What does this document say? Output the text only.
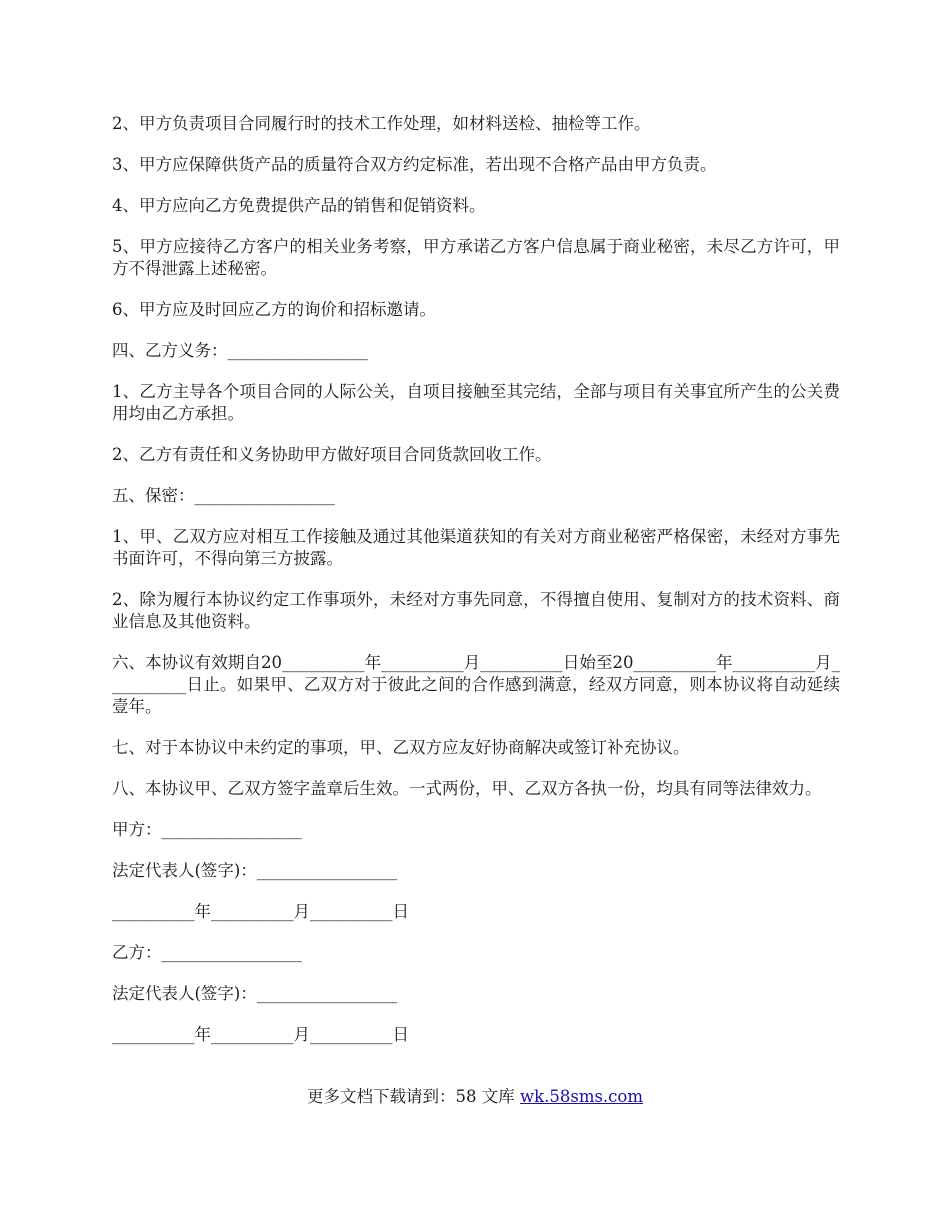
2、甲方负责项目合同履行时的技术工作处理，如材料送检、抽检等工作。

3、甲方应保障供货产品的质量符合双方约定标准，若出现不合格产品由甲方负责。

4、甲方应向乙方免费提供产品的销售和促销资料。

5、甲方应接待乙方客户的相关业务考察，甲方承诺乙方客户信息属于商业秘密，未尽乙方许可，甲方不得泄露上述秘密。

6、甲方应及时回应乙方的询价和招标邀请。

四、乙方义务：_________________

1、乙方主导各个项目合同的人际公关，自项目接触至其完结，全部与项目有关事宜所产生的公关费用均由乙方承担。

2、乙方有责任和义务协助甲方做好项目合同货款回收工作。

五、保密：_________________

1、甲、乙双方应对相互工作接触及通过其他渠道获知的有关对方商业秘密严格保密，未经对方事先书面许可，不得向第三方披露。

2、除为履行本协议约定工作事项外，未经对方事先同意，不得擅自使用、复制对方的技术资料、商业信息及其他资料。

六、本协议有效期自20__________年__________月__________日始至20__________年__________月__________日止。如果甲、乙双方对于彼此之间的合作感到满意，经双方同意，则本协议将自动延续壹年。

七、对于本协议中未约定的事项，甲、乙双方应友好协商解决或签订补充协议。

八、本协议甲、乙双方签字盖章后生效。一式两份，甲、乙双方各执一份，均具有同等法律效力。

甲方：_________________

法定代表人(签字)：_________________

__________年__________月__________日

乙方：_________________

法定代表人(签字)：_________________

__________年__________月__________日

更多文档下载请到：58 文库 wk.58sms.com
